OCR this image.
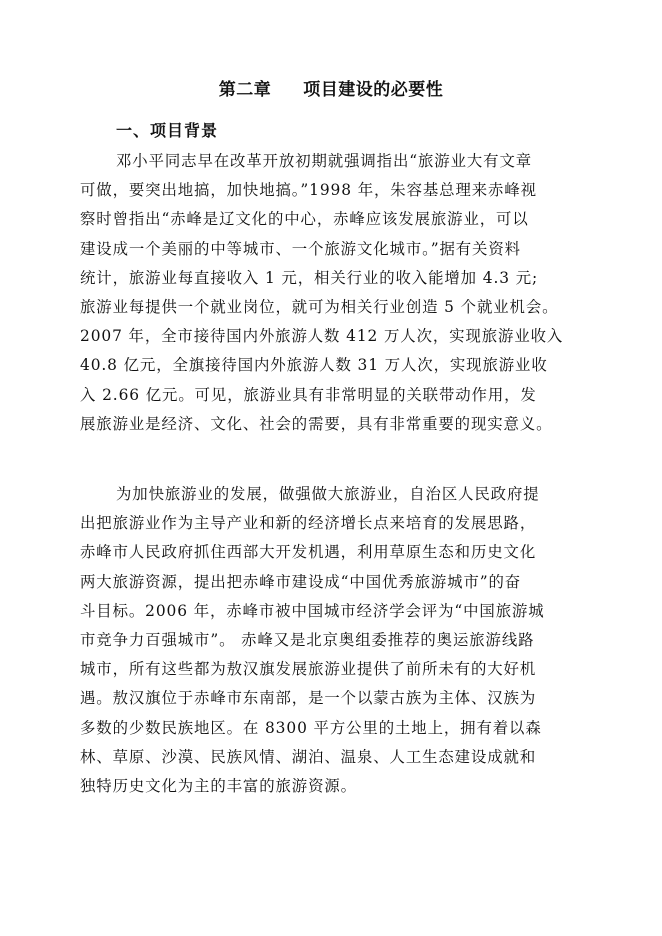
第二章     项目建设的必要性
一、项目背景
邓小平同志早在改革开放初期就强调指出“旅游业大有文章
可做，要突出地搞，加快地搞。”1998 年，朱容基总理来赤峰视
察时曾指出“赤峰是辽文化的中心，赤峰应该发展旅游业，可以
建设成一个美丽的中等城市、一个旅游文化城市。”据有关资料
统计，旅游业每直接收入 1 元，相关行业的收入能增加 4.3 元;
旅游业每提供一个就业岗位，就可为相关行业创造 5 个就业机会。
2007 年，全市接待国内外旅游人数 412 万人次，实现旅游业收入
40.8 亿元，全旗接待国内外旅游人数 31 万人次，实现旅游业收
入 2.66 亿元。可见，旅游业具有非常明显的关联带动作用，发
展旅游业是经济、文化、社会的需要，具有非常重要的现实意义。
为加快旅游业的发展，做强做大旅游业，自治区人民政府提
出把旅游业作为主导产业和新的经济增长点来培育的发展思路，
赤峰市人民政府抓住西部大开发机遇，利用草原生态和历史文化
两大旅游资源，提出把赤峰市建设成“中国优秀旅游城市”的奋
斗目标。2006 年，赤峰市被中国城市经济学会评为“中国旅游城
市竞争力百强城市”。 赤峰又是北京奥组委推荐的奥运旅游线路
城市，所有这些都为敖汉旗发展旅游业提供了前所未有的大好机
遇。敖汉旗位于赤峰市东南部，是一个以蒙古族为主体、汉族为
多数的少数民族地区。在 8300 平方公里的土地上，拥有着以森
林、草原、沙漠、民族风情、湖泊、温泉、人工生态建设成就和
独特历史文化为主的丰富的旅游资源。
